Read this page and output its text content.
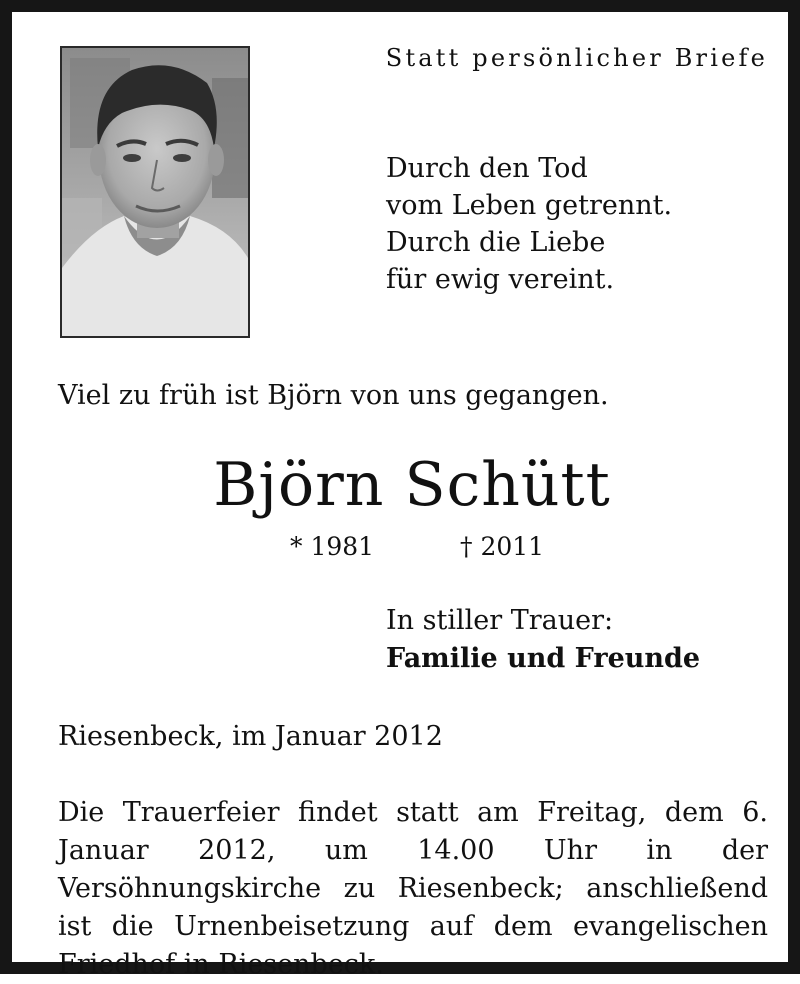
Statt persönlicher Briefe
Durch den Tod
vom Leben getrennt.
Durch die Liebe
für ewig vereint.
Viel zu früh ist Björn von uns gegangen.
Björn Schütt
* 1981	† 2011
In stiller Trauer:
Familie und Freunde
Riesenbeck, im Januar 2012
Die Trauerfeier findet statt am Freitag, dem 6. Januar 2012, um 14.00 Uhr in der Versöhnungskirche zu Riesenbeck; anschließend ist die Urnenbeisetzung auf dem evangelischen Friedhof in Riesenbeck.
